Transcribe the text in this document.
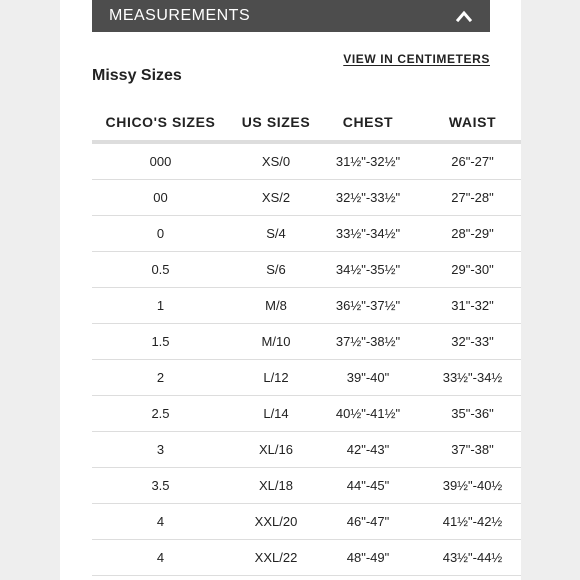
MEASUREMENTS
VIEW IN CENTIMETERS
Missy Sizes
CHICO'S SIZES	US SIZES	CHEST	WAIST
000	XS/0	31½"-32½"	26"-27"
00	XS/2	32½"-33½"	27"-28"
0	S/4	33½"-34½"	28"-29"
0.5	S/6	34½"-35½"	29"-30"
1	M/8	36½"-37½"	31"-32"
1.5	M/10	37½"-38½"	32"-33"
2	L/12	39"-40"	33½"-34½
2.5	L/14	40½"-41½"	35"-36"
3	XL/16	42"-43"	37"-38"
3.5	XL/18	44"-45"	39½"-40½
4	XXL/20	46"-47"	41½"-42½
4	XXL/22	48"-49"	43½"-44½
